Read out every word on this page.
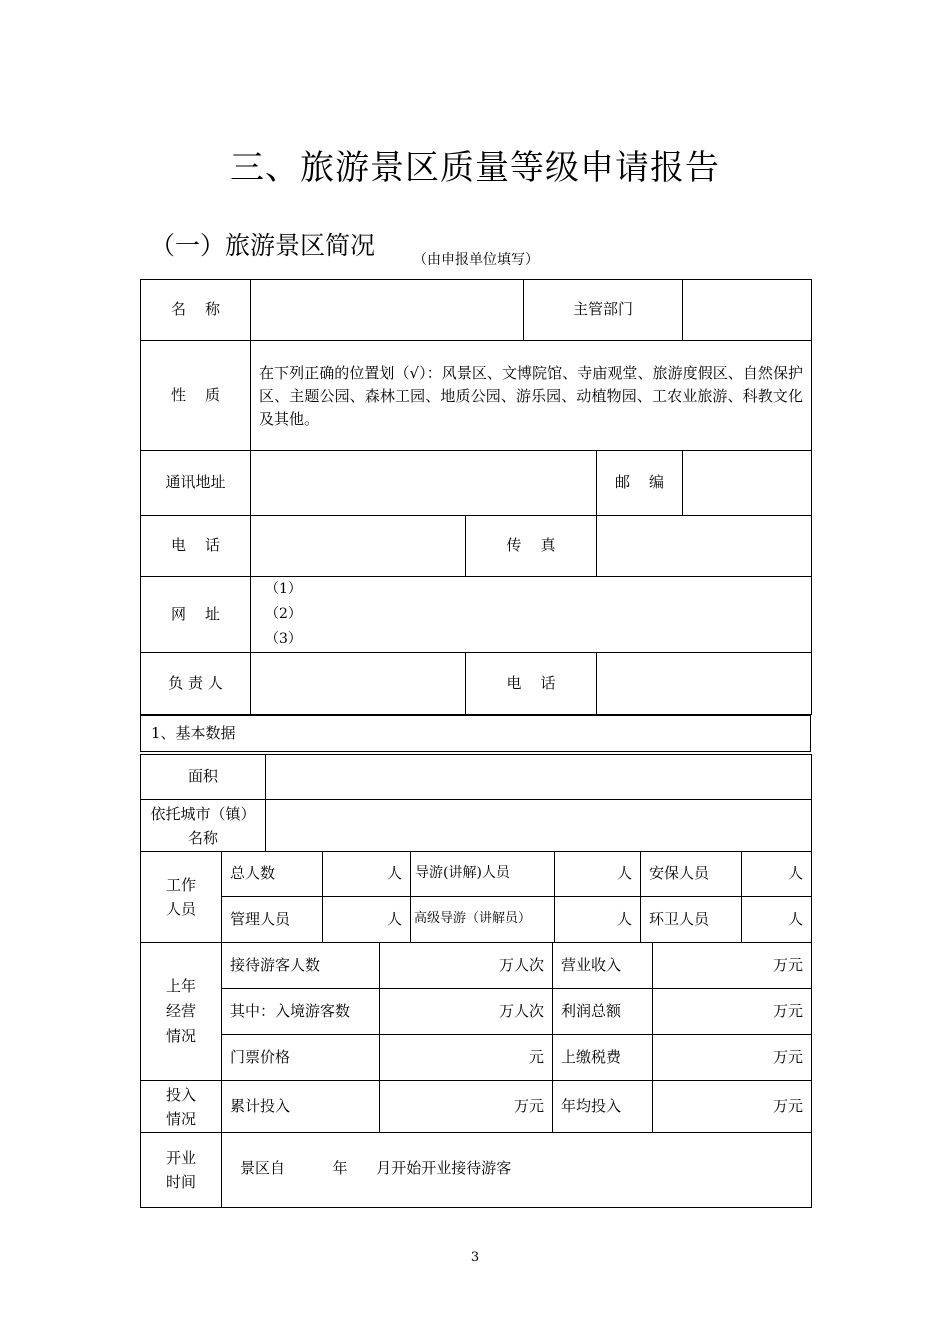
三、旅游景区质量等级申请报告
（一）旅游景区简况	（由申报单位填写）
名    称			主管部门		
性    质	在下列正确的位置划（√）：风景区、文博院馆、寺庙观堂、旅游度假区、自然保护区、主题公园、森林工园、地质公园、游乐园、动植物园、工农业旅游、科教文化及其他。				
通讯地址				邮    编	
电    话		传    真			
网    址	（1）
（2）
（3）				

负 责 人		电    话			
1、基本数据
面积	

依托城市（镇）
名称	

工作
人员	总人数	人	导游(讲解)人员	人	安保人员	人
	管理人员	人	高级导游（讲解员）	人	环卫人员	人
上年
经营
情况	接待游客人数	万人次	营业收入	万元
	其中：入境游客数	万人次	利润总额	万元
	门票价格	元	上缴税费	万元

投入
情况	累计投入	万元	年均投入	万元

开业
时间	景区自          年      月开始开业接待游客			
3
